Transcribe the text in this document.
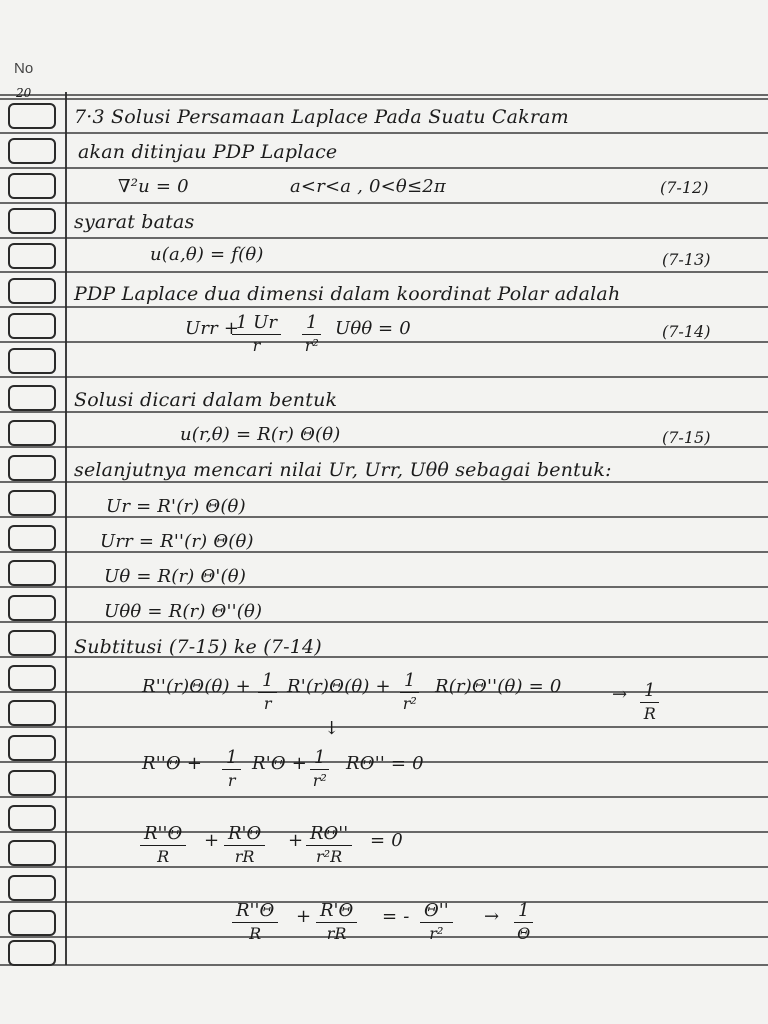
No
20
7·3 Solusi Persamaan Laplace Pada Suatu Cakram
akan ditinjau PDP Laplace
∇²u = 0	a<r<a , 0<θ≤2π	(7-12)
syarat batas
u(a,θ) = f(θ)	(7-13)
PDP Laplace dua dimensi dalam koordinat Polar adalah
Urr +
$\frac{1 Ur}{r} \frac{1}{\text{r²}}$ Uθθ = 0	(7-14)
Solusi dicari dalam bentuk
u(r,θ) = R(r) Θ(θ)	(7-15)
selanjutnya mencari nilai Ur, Urr, Uθθ sebagai bentuk:
Ur = R'(r) Θ(θ)
Urr = R''(r) Θ(θ)
Uθ = R(r) Θ'(θ)
Uθθ = R(r) Θ''(θ)
Subtitusi (7-15) ke (7-14)
$R''(r)\Theta(\theta) + \frac{1}{r} R'(r)\Theta(\theta) + \frac{1}{\text{r²}} R(r)\Theta''(\theta) = 0$	→ $\frac{1}{R}$
↓
$R''\Theta + \frac{1}{r} R'\Theta + \frac{1}{\text{r²}} R\Theta'' = 0$
$\frac{R''\Theta}{R} + \frac{R'\Theta}{rR} + \frac{R\Theta''}{\text{r²R}} = 0$
$\frac{R''\Theta}{R} + \frac{R'\Theta}{rR}$ = - $\frac{\Theta''}{\text{r²}} \to \frac{1}{\Theta}$
